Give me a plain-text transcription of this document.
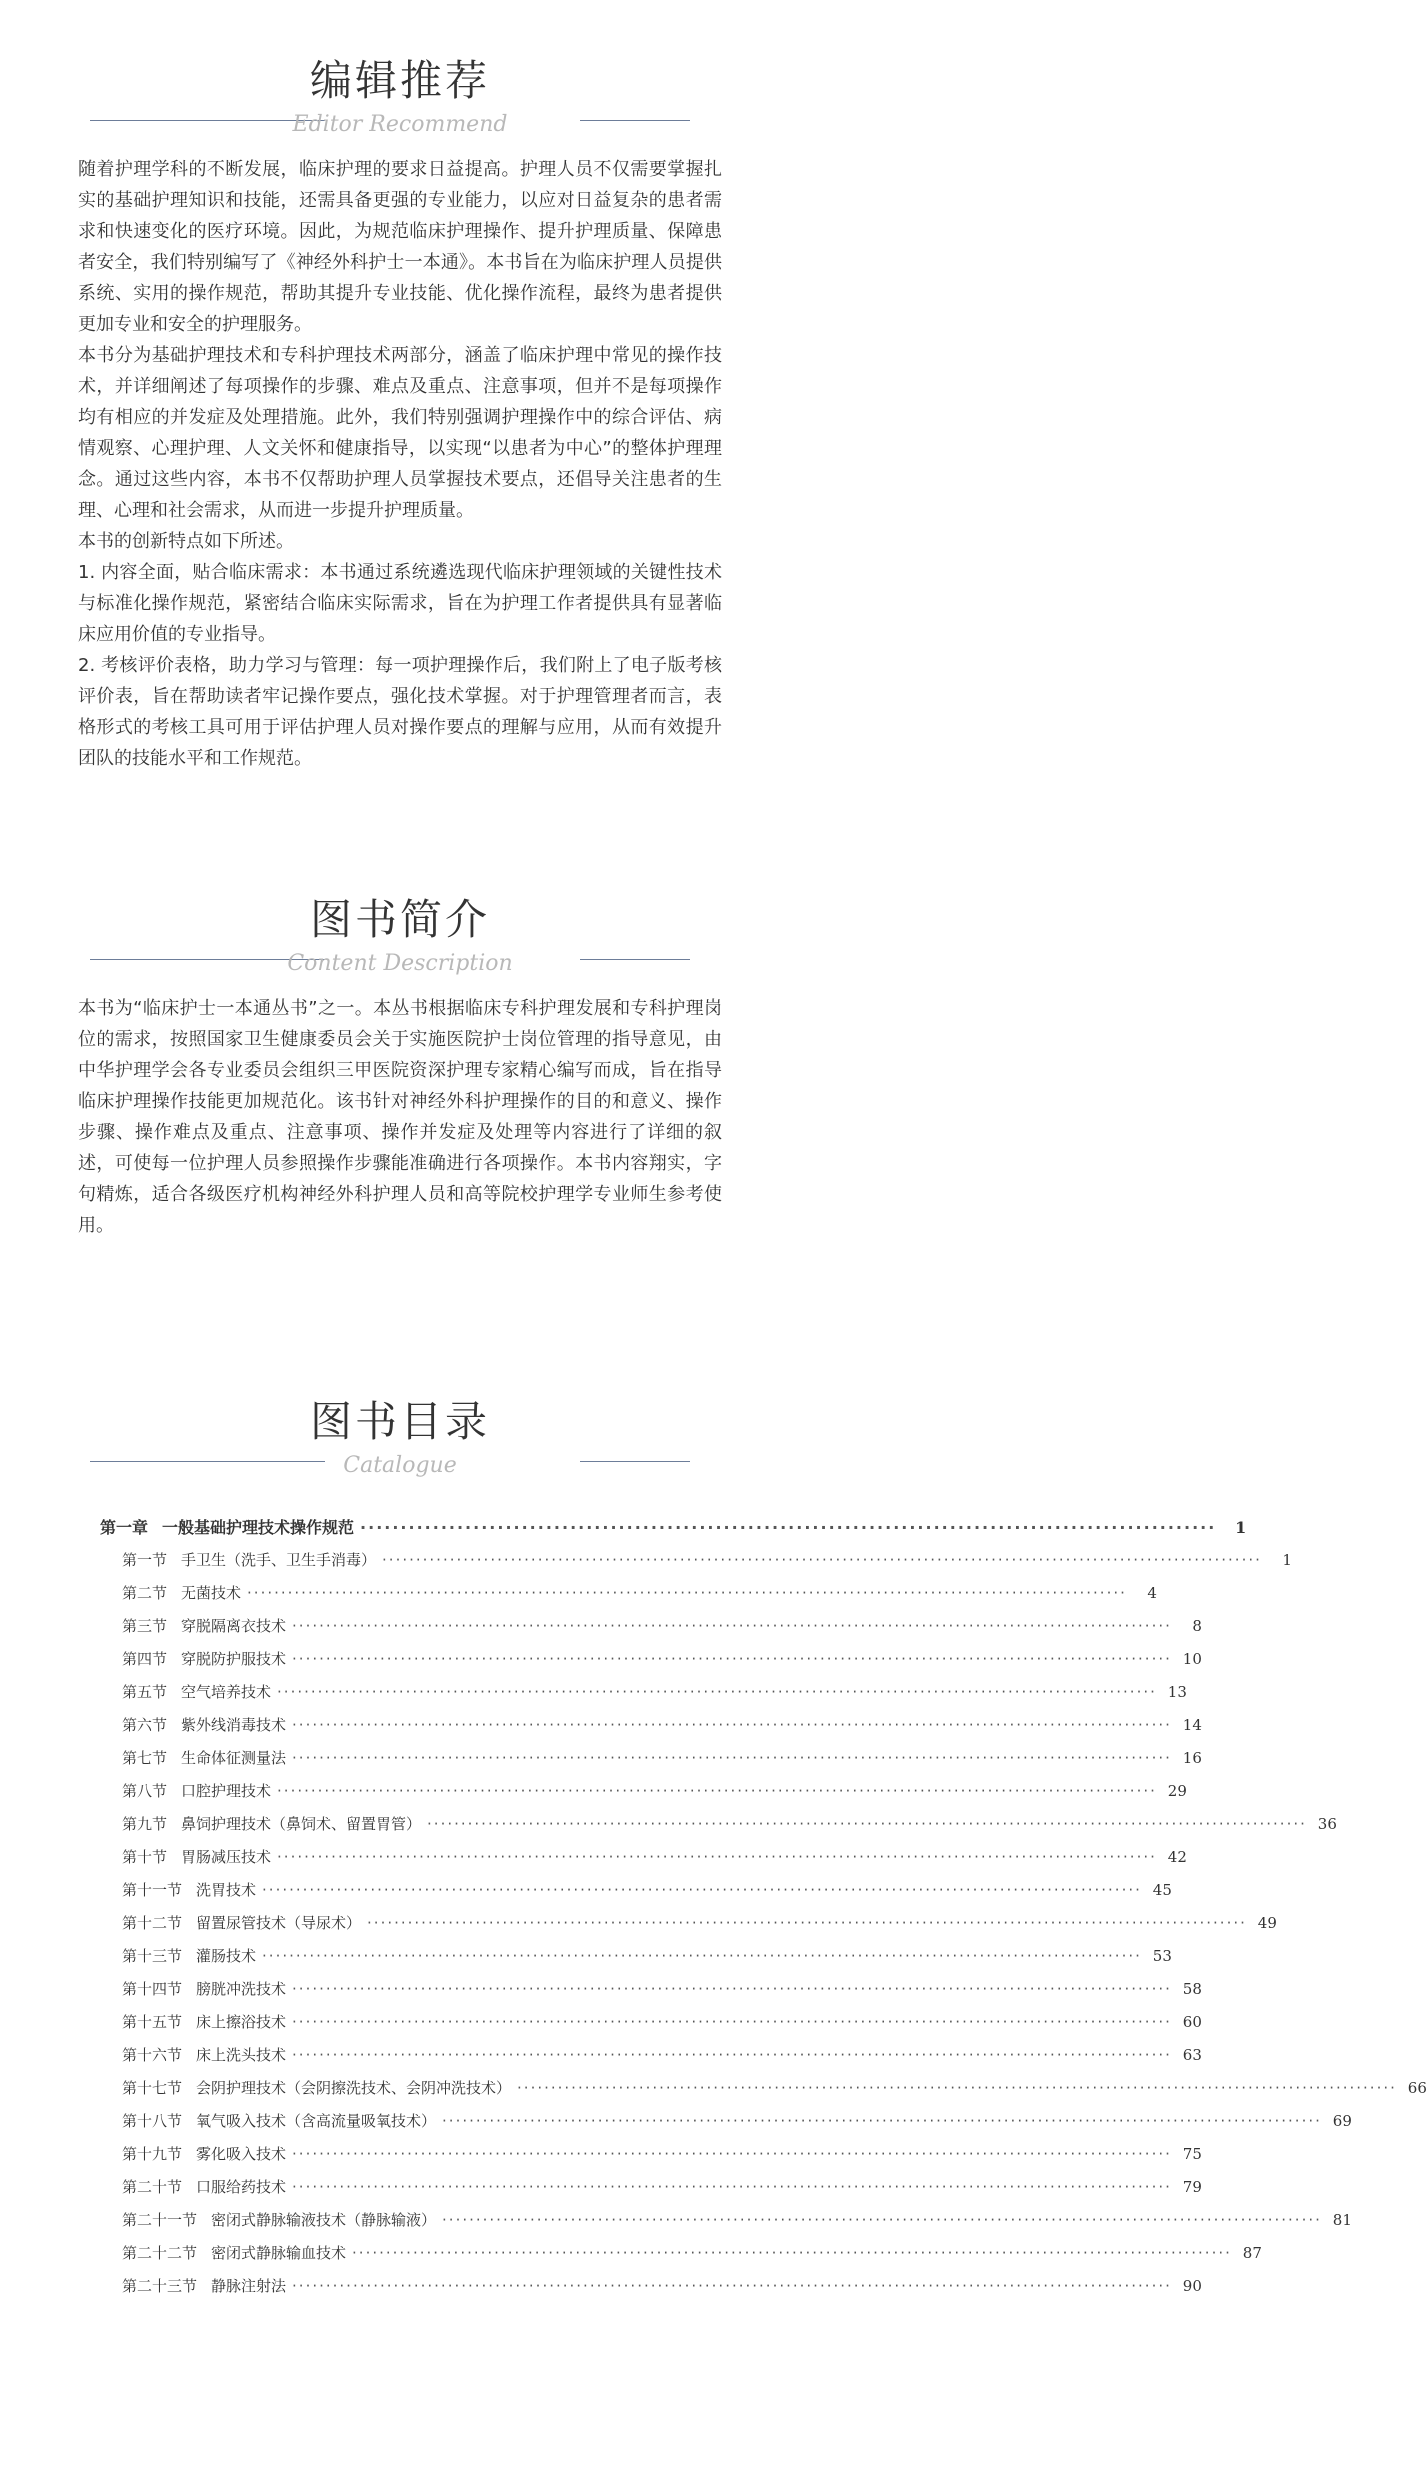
编辑推荐
Editor Recommend

随着护理学科的不断发展，临床护理的要求日益提高。护理人员不仅需要掌握扎实的基础护理知识和技能，还需具备更强的专业能力，以应对日益复杂的患者需求和快速变化的医疗环境。因此，为规范临床护理操作、提升护理质量、保障患者安全，我们特别编写了《神经外科护士一本通》。本书旨在为临床护理人员提供系统、实用的操作规范，帮助其提升专业技能、优化操作流程，最终为患者提供更加专业和安全的护理服务。

本书分为基础护理技术和专科护理技术两部分，涵盖了临床护理中常见的操作技术，并详细阐述了每项操作的步骤、难点及重点、注意事项，但并不是每项操作均有相应的并发症及处理措施。此外，我们特别强调护理操作中的综合评估、病情观察、心理护理、人文关怀和健康指导，以实现“以患者为中心”的整体护理理念。通过这些内容，本书不仅帮助护理人员掌握技术要点，还倡导关注患者的生理、心理和社会需求，从而进一步提升护理质量。

本书的创新特点如下所述。

1. 内容全面，贴合临床需求：本书通过系统遴选现代临床护理领域的关键性技术与标准化操作规范，紧密结合临床实际需求，旨在为护理工作者提供具有显著临床应用价值的专业指导。

2. 考核评价表格，助力学习与管理：每一项护理操作后，我们附上了电子版考核评价表，旨在帮助读者牢记操作要点，强化技术掌握。对于护理管理者而言，表格形式的考核工具可用于评估护理人员对操作要点的理解与应用，从而有效提升团队的技能水平和工作规范。

图书简介
Content Description

本书为“临床护士一本通丛书”之一。本丛书根据临床专科护理发展和专科护理岗位的需求，按照国家卫生健康委员会关于实施医院护士岗位管理的指导意见，由中华护理学会各专业委员会组织三甲医院资深护理专家精心编写而成，旨在指导临床护理操作技能更加规范化。该书针对神经外科护理操作的目的和意义、操作步骤、操作难点及重点、注意事项、操作并发症及处理等内容进行了详细的叙述，可使每一位护理人员参照操作步骤能准确进行各项操作。本书内容翔实，字句精炼，适合各级医疗机构神经外科护理人员和高等院校护理学专业师生参考使用。

图书目录
Catalogue
第一章 一般基础护理技术操作规范 ··········································································································	1
第一节 手卫生（洗手、卫生手消毒） ··································································································································	1
第二节 无菌技术 ··································································································································	4
第三节 穿脱隔离衣技术 ··································································································································	8
第四节 穿脱防护服技术 ·································································································································· 10
第五节 空气培养技术 ·································································································································· 13
第六节 紫外线消毒技术 ·································································································································· 14
第七节 生命体征测量法 ·································································································································· 16
第八节 口腔护理技术 ·································································································································· 29
第九节 鼻饲护理技术（鼻饲术、留置胃管） ·································································································································· 36
第十节 胃肠减压技术 ·································································································································· 42
第十一节 洗胃技术 ·································································································································· 45
第十二节 留置尿管技术（导尿术） ·································································································································· 49
第十三节 灌肠技术 ·································································································································· 53
第十四节 膀胱冲洗技术 ·································································································································· 58
第十五节 床上擦浴技术 ·································································································································· 60
第十六节 床上洗头技术 ·································································································································· 63
第十七节 会阴护理技术（会阴擦洗技术、会阴冲洗技术） ·································································································································· 66
第十八节 氧气吸入技术（含高流量吸氧技术） ·································································································································· 69
第十九节 雾化吸入技术 ·································································································································· 75
第二十节 口服给药技术 ·································································································································· 79
第二十一节 密闭式静脉输液技术（静脉输液） ·································································································································· 81
第二十二节 密闭式静脉输血技术 ·································································································································· 87
第二十三节 静脉注射法 ·································································································································· 90
